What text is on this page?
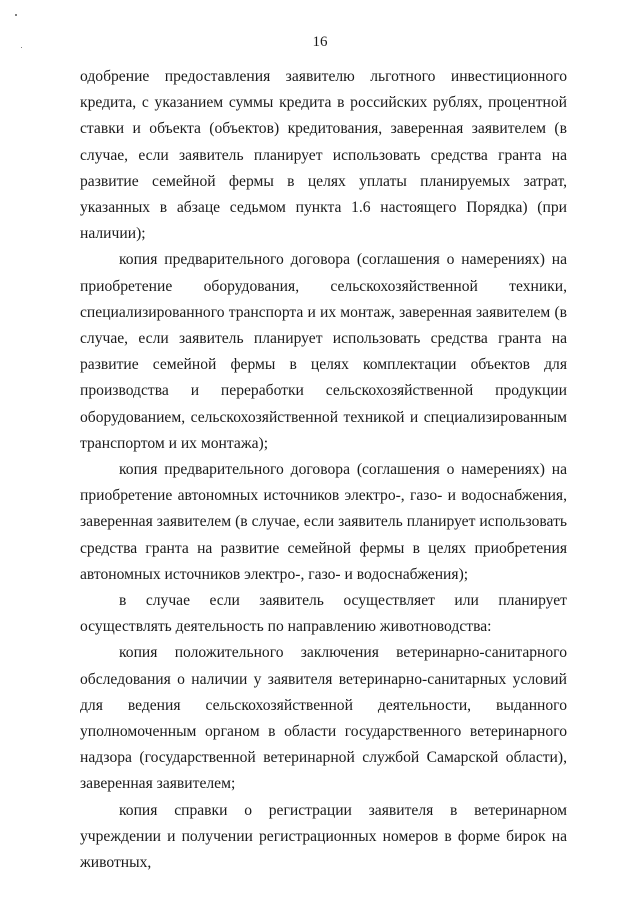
16

одобрение предоставления заявителю льготного инвестиционного кредита, с указанием суммы кредита в российских рублях, процентной ставки и объекта (объектов) кредитования, заверенная заявителем (в случае, если заявитель планирует использовать средства гранта на развитие семейной фермы в целях уплаты планируемых затрат, указанных в абзаце седьмом пункта 1.6 настоящего Порядка) (при наличии);

копия предварительного договора (соглашения о намерениях) на приобретение оборудования, сельскохозяйственной техники, специализированного транспорта и их монтаж, заверенная заявителем (в случае, если заявитель планирует использовать средства гранта на развитие семейной фермы в целях комплектации объектов для производства и переработки сельскохозяйственной продукции оборудованием, сельскохозяйственной техникой и специализированным транспортом и их монтажа);

копия предварительного договора (соглашения о намерениях) на приобретение автономных источников электро-, газо- и водоснабжения, заверенная заявителем (в случае, если заявитель планирует использовать средства гранта на развитие семейной фермы в целях приобретения автономных источников электро-, газо- и водоснабжения);

в случае если заявитель осуществляет или планирует осуществлять деятельность по направлению животноводства:

копия положительного заключения ветеринарно-санитарного обследования о наличии у заявителя ветеринарно-санитарных условий для ведения сельскохозяйственной деятельности, выданного уполномоченным органом в области государственного ветеринарного надзора (государственной ветеринарной службой Самарской области), заверенная заявителем;

копия справки о регистрации заявителя в ветеринарном учреждении и получении регистрационных номеров в форме бирок на животных,
